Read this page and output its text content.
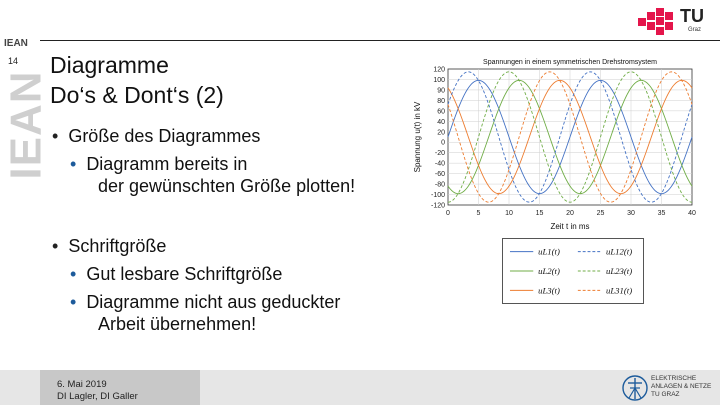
IEAN
IEAN
14
TU
Graz
Diagramme
Do‘s & Dont‘s (2)
•  Größe des Diagrammes
•  Diagramm bereits in
der gewünschten Größe plotten!
•  Schriftgröße
•  Gut lesbare Schriftgröße
•  Diagramme nicht aus geduckter
Arbeit übernehmen!
Spannungen in einem symmetrischen Drehstromsystem
120
100
90
80
60
40
20
0
-20
-40
-60
-80
-100
-120
0	5	10	15	20	25	30	35	40
Zeit t in ms
Spannung u(t) in kV
uL1(t)	uL12(t)
uL2(t)	uL23(t)
uL3(t)	uL31(t)
6. Mai 2019
DI Lagler, DI Galler
ELEKTRISCHE
ANLAGEN & NETZE
TU GRAZ
